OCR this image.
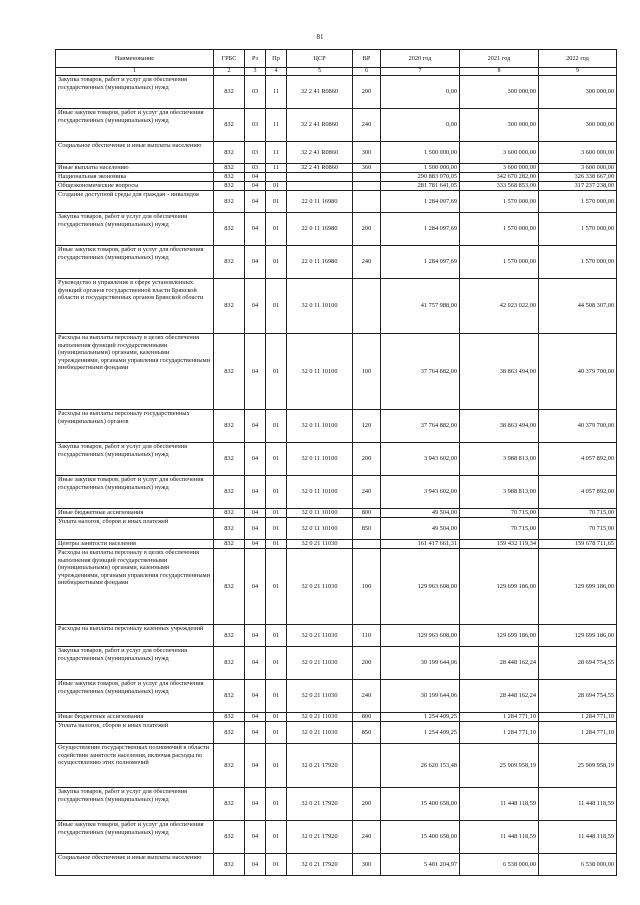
81
Наименование	ГРБС	Рз	Пр	ЦСР	ВР	2020 год	2021 год	2022 год
1	2	3	4	5	6	7	8	9
Закупка товаров, работ и услуг для обеспечения государственных (муниципальных) нужд	832	03	11	32 2 41 R0860	200	0,00	300 000,00	300 000,00
Иные закупки товаров, работ и услуг для обеспечения государственных (муниципальных) нужд	832	03	11	32 2 41 R0860	240	0,00	300 000,00	300 000,00
Социальное обеспечение и иные выплаты населению	832	03	11	32 2 41 R0860	300	1 500 000,00	3 600 000,00	3 600 000,00
Иные выплаты населению	832	03	11	32 2 41 R0860	360	1 500 000,00	3 600 000,00	3 600 000,00
Национальная экономика	832	04				290 883 070,05	342 670 282,00	326 338 667,00
Общеэкономические вопросы	832	04	01			281 781 641,05	333 568 853,00	317 237 238,00
Создание доступной среды для граждан - инвалидов	832	04	01	22 0 11 16980		1 284 097,69	1 570 000,00	1 570 000,00
Закупка товаров, работ и услуг для обеспечения государственных (муниципальных) нужд	832	04	01	22 0 11 16980	200	1 284 097,69	1 570 000,00	1 570 000,00
Иные закупки товаров, работ и услуг для обеспечения государственных (муниципальных) нужд	832	04	01	22 0 11 16980	240	1 284 097,69	1 570 000,00	1 570 000,00
Руководство и управление в сфере установленных функций органов государственной власти Брянской области и государственных органов Брянской области	832	04	01	32 0 11 10100		41 757 988,00	42 923 022,00	44 508 307,00
Расходы на выплаты персоналу в целях обеспечения выполнения функций государственными (муниципальными) органами, казенными учреждениями, органами управления государственными внебюджетными фондами	832	04	01	32 0 11 10100	100	37 764 882,00	38 863 494,00	40 379 700,00
Расходы на выплаты персоналу государственных (муниципальных) органов	832	04	01	32 0 11 10100	120	37 764 882,00	38 863 494,00	40 379 700,00
Закупка товаров, работ и услуг для обеспечения государственных (муниципальных) нужд	832	04	01	32 0 11 10100	200	3 943 602,00	3 988 813,00	4 057 892,00
Иные закупки товаров, работ и услуг для обеспечения государственных (муниципальных) нужд	832	04	01	32 0 11 10100	240	3 943 602,00	3 988 813,00	4 057 892,00
Иные бюджетные ассигнования	832	04	01	32 0 11 10100	800	49 504,00	70 715,00	70 715,00
Уплата налогов, сборов и иных платежей	832	04	01	32 0 11 10100	850	49 504,00	70 715,00	70 715,00
Центры занятости населения	832	04	01	32 0 21 11030		161 417 661,31	159 432 119,34	159 678 711,65
Расходы на выплаты персоналу в целях обеспечения выполнения функций государственными (муниципальными) органами, казенными учреждениями, органами управления государственными внебюджетными фондами	832	04	01	32 0 21 11030	100	129 963 608,00	129 699 186,00	129 699 186,00
Расходы на выплаты персоналу казенных учреждений	832	04	01	32 0 21 11030	110	129 963 608,00	129 699 186,00	129 699 186,00
Закупка товаров, работ и услуг для обеспечения государственных (муниципальных) нужд	832	04	01	32 0 21 11030	200	30 199 644,06	28 448 162,24	28 694 754,55
Иные закупки товаров, работ и услуг для обеспечения государственных (муниципальных) нужд	832	04	01	32 0 21 11030	240	30 199 644,06	28 448 162,24	28 694 754,55
Иные бюджетные ассигнования	832	04	01	32 0 21 11030	800	1 254 409,25	1 284 771,10	1 284 771,10
Уплата налогов, сборов и иных платежей	832	04	01	32 0 21 11030	850	1 254 409,25	1 284 771,10	1 284 771,10
Осуществление государственных полномочий в области содействия занятости населения, включая расходы по осуществлению этих полномочий	832	04	01	32 0 21 17920		26 620 153,48	25 909 958,19	25 909 958,19
Закупка товаров, работ и услуг для обеспечения государственных (муниципальных) нужд	832	04	01	32 0 21 17920	200	15 400 658,00	11 448 118,59	11 448 118,59
Иные закупки товаров, работ и услуг для обеспечения государственных (муниципальных) нужд	832	04	01	32 0 21 17920	240	15 400 658,00	11 448 118,59	11 448 118,59
Социальное обеспечение и иные выплаты населению	832	04	01	32 0 21 17920	300	5 401 204,97	6 538 000,00	6 538 000,00
